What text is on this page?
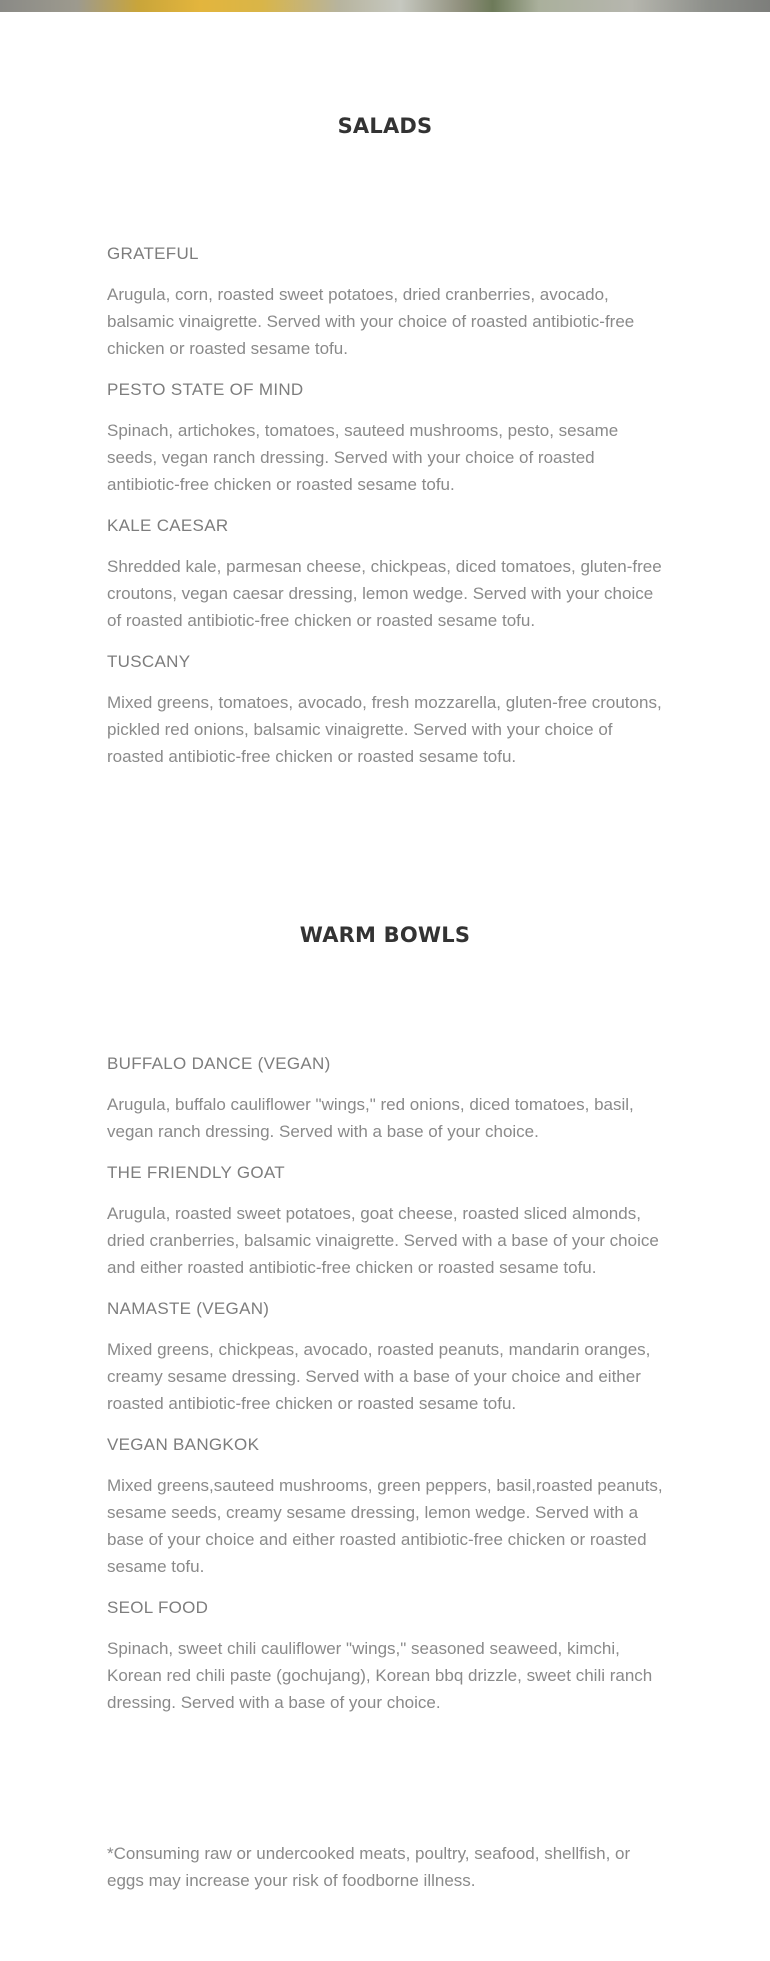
SALADS

GRATEFUL

Arugula, corn, roasted sweet potatoes, dried cranberries, avocado, balsamic vinaigrette. Served with your choice of roasted antibiotic-free chicken or roasted sesame tofu.

PESTO STATE OF MIND

Spinach, artichokes, tomatoes, sauteed mushrooms, pesto, sesame seeds, vegan ranch dressing. Served with your choice of roasted antibiotic-free chicken or roasted sesame tofu.

KALE CAESAR

Shredded kale, parmesan cheese, chickpeas, diced tomatoes, gluten-free croutons, vegan caesar dressing, lemon wedge. Served with your choice of roasted antibiotic-free chicken or roasted sesame tofu.

TUSCANY

Mixed greens, tomatoes, avocado, fresh mozzarella, gluten-free croutons, pickled red onions, balsamic vinaigrette. Served with your choice of roasted antibiotic-free chicken or roasted sesame tofu.

WARM BOWLS

BUFFALO DANCE (VEGAN)

Arugula, buffalo cauliflower "wings," red onions, diced tomatoes, basil, vegan ranch dressing. Served with a base of your choice.

THE FRIENDLY GOAT

Arugula, roasted sweet potatoes, goat cheese, roasted sliced almonds, dried cranberries, balsamic vinaigrette. Served with a base of your choice and either roasted antibiotic-free chicken or roasted sesame tofu.

NAMASTE (VEGAN)

Mixed greens, chickpeas, avocado, roasted peanuts, mandarin oranges, creamy sesame dressing. Served with a base of your choice and either roasted antibiotic-free chicken or roasted sesame tofu.

VEGAN BANGKOK

Mixed greens,sauteed mushrooms, green peppers, basil,roasted peanuts, sesame seeds, creamy sesame dressing, lemon wedge. Served with a base of your choice and either roasted antibiotic-free chicken or roasted sesame tofu.

SEOL FOOD

Spinach, sweet chili cauliflower "wings," seasoned seaweed, kimchi, Korean red chili paste (gochujang), Korean bbq drizzle, sweet chili ranch dressing. Served with a base of your choice.

*Consuming raw or undercooked meats, poultry, seafood, shellfish, or eggs may increase your risk of foodborne illness.
